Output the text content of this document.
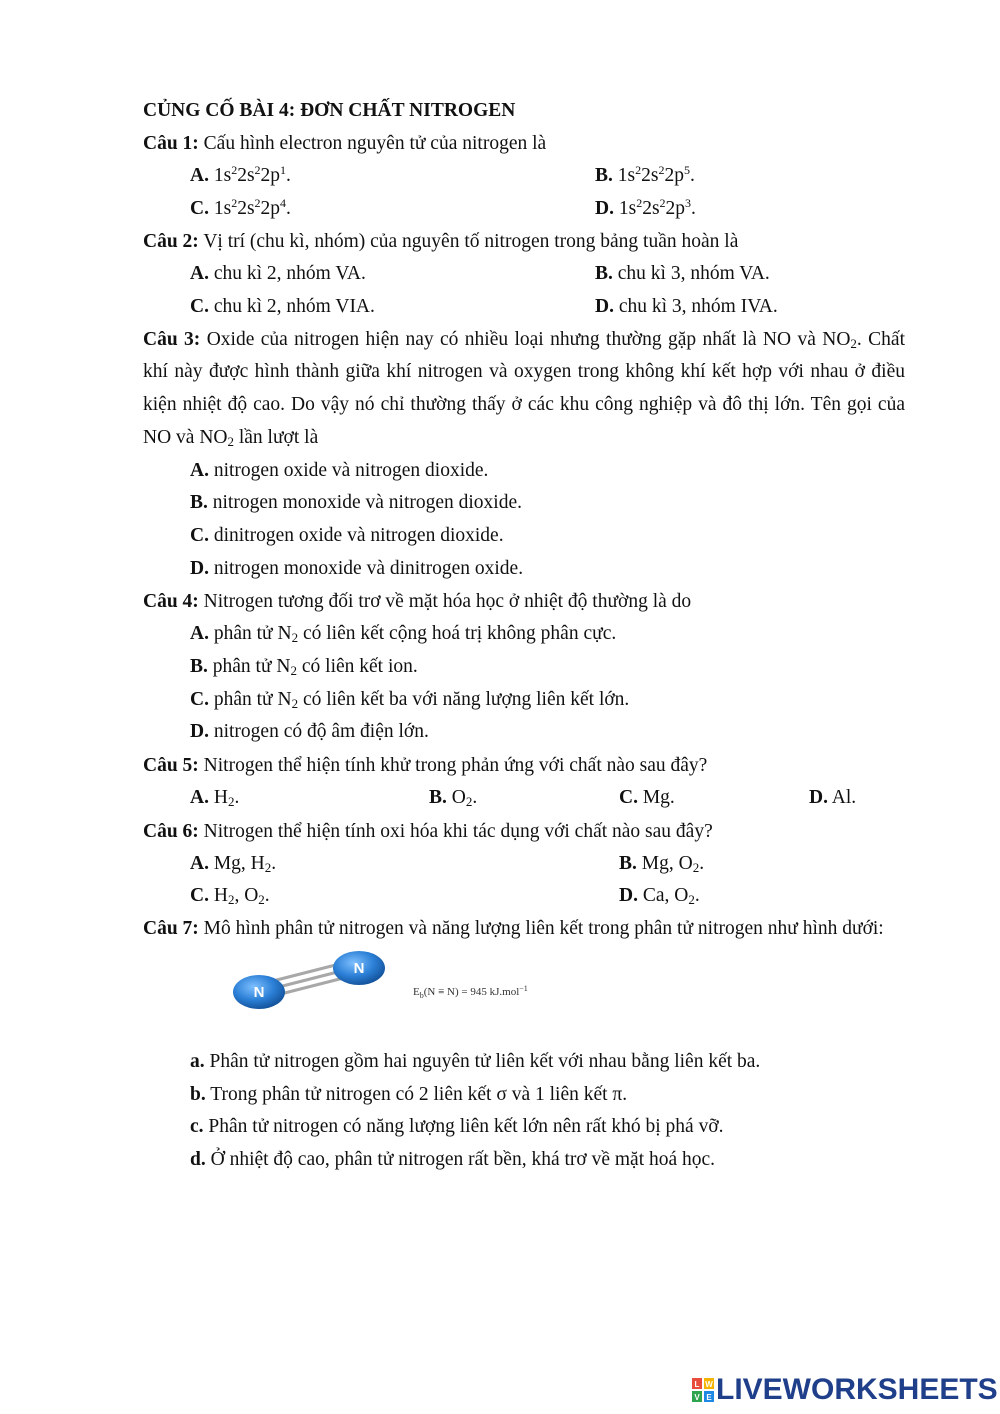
CỦNG CỐ BÀI 4: ĐƠN CHẤT NITROGEN
Câu 1: Cấu hình electron nguyên tử của nitrogen là
A. $1s^22s^22p^1$.	B. $1s^22s^22p^5$.
C. $1s^22s^22p^4$.	D. $1s^22s^22p^3$.
Câu 2: Vị trí (chu kì, nhóm) của nguyên tố nitrogen trong bảng tuần hoàn là
A. chu kì 2, nhóm VA.	B. chu kì 3, nhóm VA.
C. chu kì 2, nhóm VIA.	D. chu kì 3, nhóm IVA.
Câu 3: Oxide của nitrogen hiện nay có nhiều loại nhưng thường gặp nhất là NO và $NO_2$. Chất khí này được hình thành giữa khí nitrogen và oxygen trong không khí kết hợp với nhau ở điều kiện nhiệt độ cao. Do vậy nó chỉ thường thấy ở các khu công nghiệp và đô thị lớn. Tên gọi của NO và $NO_2$ lần lượt là
A. nitrogen oxide và nitrogen dioxide.
B. nitrogen monoxide và nitrogen dioxide.
C. dinitrogen oxide và nitrogen dioxide.
D. nitrogen monoxide và dinitrogen oxide.
Câu 4: Nitrogen tương đối trơ về mặt hóa học ở nhiệt độ thường là do
A. phân tử $N_2$ có liên kết cộng hoá trị không phân cực.
B. phân tử $N_2$ có liên kết ion.
C. phân tử $N_2$ có liên kết ba với năng lượng liên kết lớn.
D. nitrogen có độ âm điện lớn.
Câu 5: Nitrogen thể hiện tính khử trong phản ứng với chất nào sau đây?
A. $H_2$.	B. $O_2$.	C. Mg.	D. Al.
Câu 6: Nitrogen thể hiện tính oxi hóa khi tác dụng với chất nào sau đây?
A. Mg, $H_2$.	B. Mg, $O_2$.
C. $H_2$, $O_2$.	D. Ca, $O_2$.
Câu 7: Mô hình phân tử nitrogen và năng lượng liên kết trong phân tử nitrogen như hình dưới:
N
N
$E_b(N \equiv N) = 945$ kJ.mol$^{-1}$
a. Phân tử nitrogen gồm hai nguyên tử liên kết với nhau bằng liên kết ba.
b. Trong phân tử nitrogen có 2 liên kết σ và 1 liên kết π.
c. Phân tử nitrogen có năng lượng liên kết lớn nên rất khó bị phá vỡ.
d. Ở nhiệt độ cao, phân tử nitrogen rất bền, khá trơ về mặt hoá học.
L W
V E LIVEWORKSHEETS
